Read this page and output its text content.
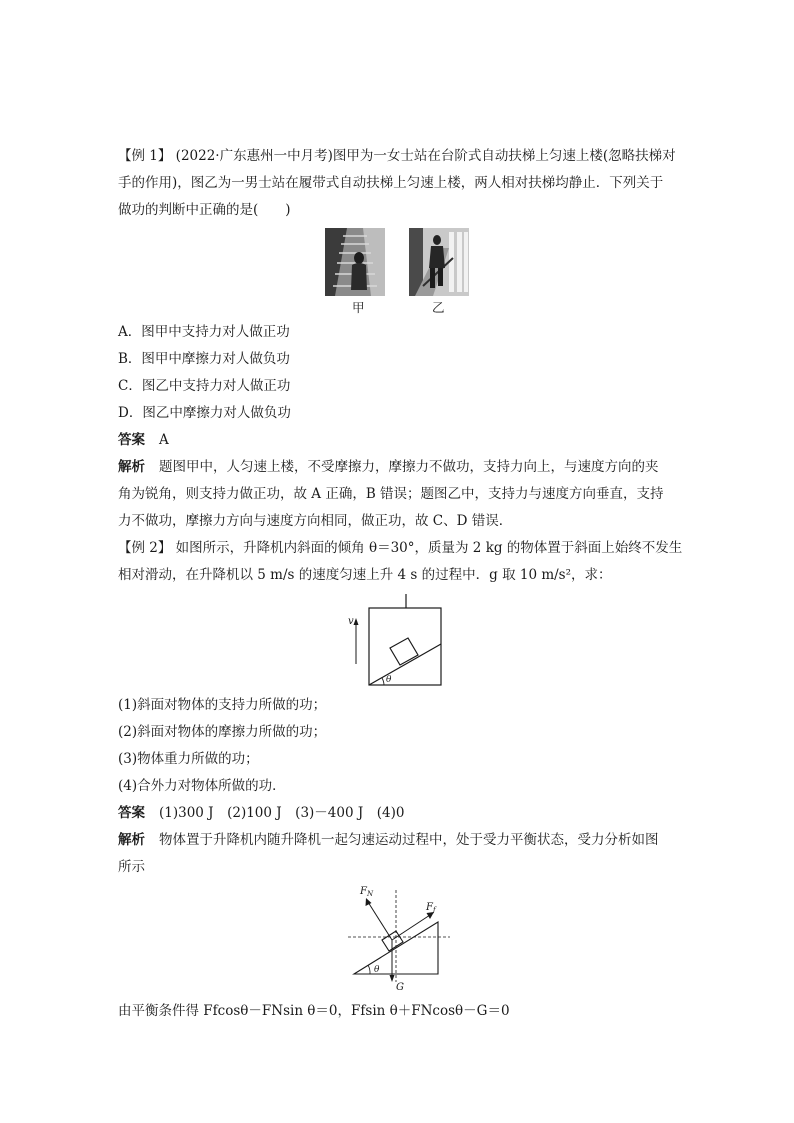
【例 1】 (2022·广东惠州一中月考)图甲为一女士站在台阶式自动扶梯上匀速上楼(忽略扶梯对
手的作用)，图乙为一男士站在履带式自动扶梯上匀速上楼，两人相对扶梯均静止．下列关于
做功的判断中正确的是(　　)
甲	乙
A．图甲中支持力对人做正功
B．图甲中摩擦力对人做负功
C．图乙中支持力对人做正功
D．图乙中摩擦力对人做负功
答案 A
解析 题图甲中，人匀速上楼，不受摩擦力，摩擦力不做功，支持力向上，与速度方向的夹
角为锐角，则支持力做正功，故 A 正确，B 错误；题图乙中，支持力与速度方向垂直，支持
力不做功，摩擦力方向与速度方向相同，做正功，故 C、D 错误．
【例 2】 如图所示，升降机内斜面的倾角 θ＝30°，质量为 2 kg 的物体置于斜面上始终不发生
相对滑动，在升降机以 5 m/s 的速度匀速上升 4 s 的过程中．g 取 10 m/s²，求：
v
θ
(1)斜面对物体的支持力所做的功；
(2)斜面对物体的摩擦力所做的功；
(3)物体重力所做的功；
(4)合外力对物体所做的功．
答案 (1)300 J　(2)100 J　(3)－400 J　(4)0
解析 物体置于升降机内随升降机一起匀速运动过程中，处于受力平衡状态，受力分析如图
所示
$F_N$
$F_f$
θ
G
由平衡条件得 Ffcosθ－FNsin θ＝0，Ffsin θ＋FNcosθ－G＝0
